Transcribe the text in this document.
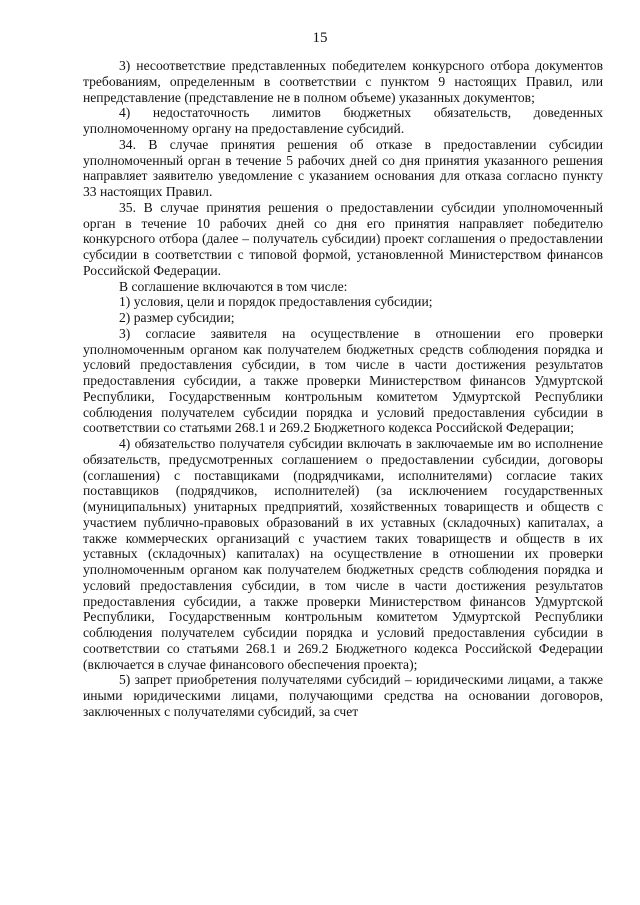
15

3) несоответствие представленных победителем конкурсного отбора документов требованиям, определенным в соответствии с пунктом 9 настоящих Правил, или непредставление (представление не в полном объеме) указанных документов;

4) недостаточность лимитов бюджетных обязательств, доведенных уполномоченному органу на предоставление субсидий.

34. В случае принятия решения об отказе в предоставлении субсидии уполномоченный орган в течение 5 рабочих дней со дня принятия указанного решения направляет заявителю уведомление с указанием основания для отказа согласно пункту 33 настоящих Правил.

35. В случае принятия решения о предоставлении субсидии уполномоченный орган в течение 10 рабочих дней со дня его принятия направляет победителю конкурсного отбора (далее – получатель субсидии) проект соглашения о предоставлении субсидии в соответствии с типовой формой, установленной Министерством финансов Российской Федерации.

В соглашение включаются в том числе:

1) условия, цели и порядок предоставления субсидии;

2) размер субсидии;

3) согласие заявителя на осуществление в отношении его проверки уполномоченным органом как получателем бюджетных средств соблюдения порядка и условий предоставления субсидии, в том числе в части достижения результатов предоставления субсидии, а также проверки Министерством финансов Удмуртской Республики, Государственным контрольным комитетом Удмуртской Республики соблюдения получателем субсидии порядка и условий предоставления субсидии в соответствии со статьями 268.1 и 269.2 Бюджетного кодекса Российской Федерации;

4) обязательство получателя субсидии включать в заключаемые им во исполнение обязательств, предусмотренных соглашением о предоставлении субсидии, договоры (соглашения) с поставщиками (подрядчиками, исполнителями) согласие таких поставщиков (подрядчиков, исполнителей) (за исключением государственных (муниципальных) унитарных предприятий, хозяйственных товариществ и обществ с участием публично-правовых образований в их уставных (складочных) капиталах, а также коммерческих организаций с участием таких товариществ и обществ в их уставных (складочных) капиталах) на осуществление в отношении их проверки уполномоченным органом как получателем бюджетных средств соблюдения порядка и условий предоставления субсидии, в том числе в части достижения результатов предоставления субсидии, а также проверки Министерством финансов Удмуртской Республики, Государственным контрольным комитетом Удмуртской Республики соблюдения получателем субсидии порядка и условий предоставления субсидии в соответствии со статьями 268.1 и 269.2 Бюджетного кодекса Российской Федерации (включается в случае финансового обеспечения проекта);

5) запрет приобретения получателями субсидий – юридическими лицами, а также иными юридическими лицами, получающими средства на основании договоров, заключенных с получателями субсидий, за счет
